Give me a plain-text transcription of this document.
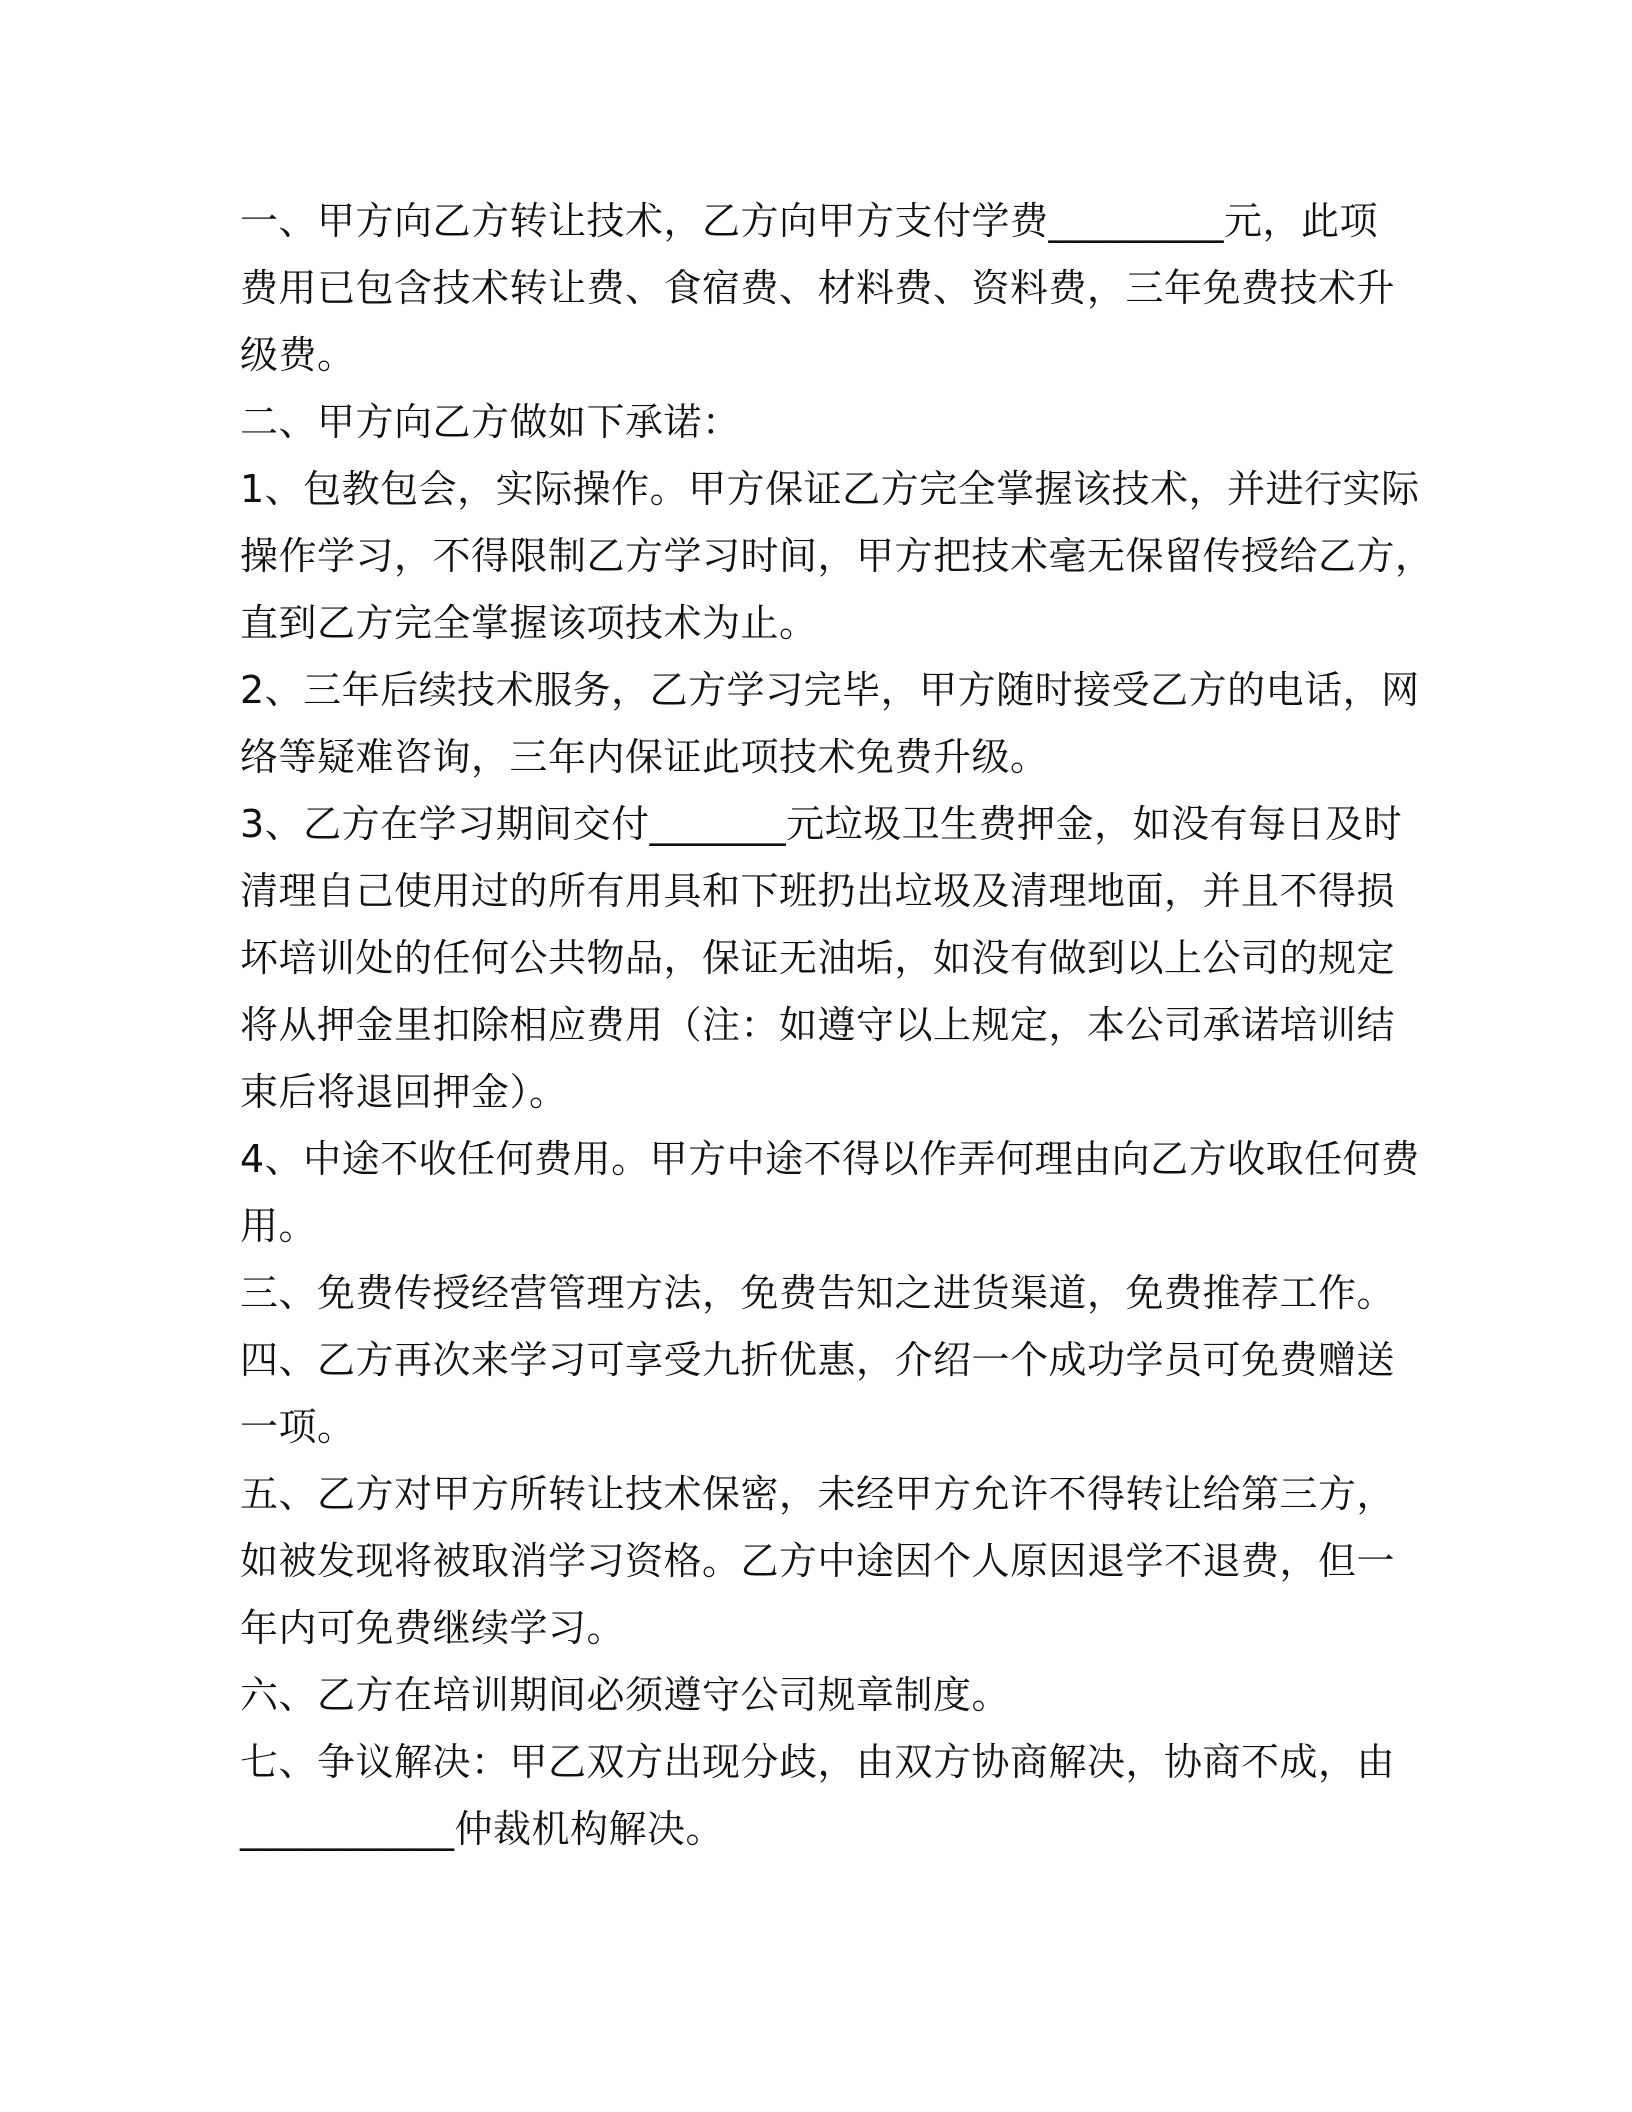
一、甲方向乙方转让技术，乙方向甲方支付学费_________元，此项
费用已包含技术转让费、食宿费、材料费、资料费，三年免费技术升
级费。
二、甲方向乙方做如下承诺：
1、包教包会，实际操作。甲方保证乙方完全掌握该技术，并进行实际
操作学习，不得限制乙方学习时间，甲方把技术毫无保留传授给乙方，
直到乙方完全掌握该项技术为止。
2、三年后续技术服务，乙方学习完毕，甲方随时接受乙方的电话，网
络等疑难咨询，三年内保证此项技术免费升级。
3、乙方在学习期间交付_______元垃圾卫生费押金，如没有每日及时
清理自己使用过的所有用具和下班扔出垃圾及清理地面，并且不得损
坏培训处的任何公共物品，保证无油垢，如没有做到以上公司的规定
将从押金里扣除相应费用（注：如遵守以上规定，本公司承诺培训结
束后将退回押金）。
4、中途不收任何费用。甲方中途不得以作弄何理由向乙方收取任何费
用。
三、免费传授经营管理方法，免费告知之进货渠道，免费推荐工作。
四、乙方再次来学习可享受九折优惠，介绍一个成功学员可免费赠送
一项。
五、乙方对甲方所转让技术保密，未经甲方允许不得转让给第三方，
如被发现将被取消学习资格。乙方中途因个人原因退学不退费，但一
年内可免费继续学习。
六、乙方在培训期间必须遵守公司规章制度。
七、争议解决：甲乙双方出现分歧，由双方协商解决，协商不成，由
___________仲裁机构解决。
